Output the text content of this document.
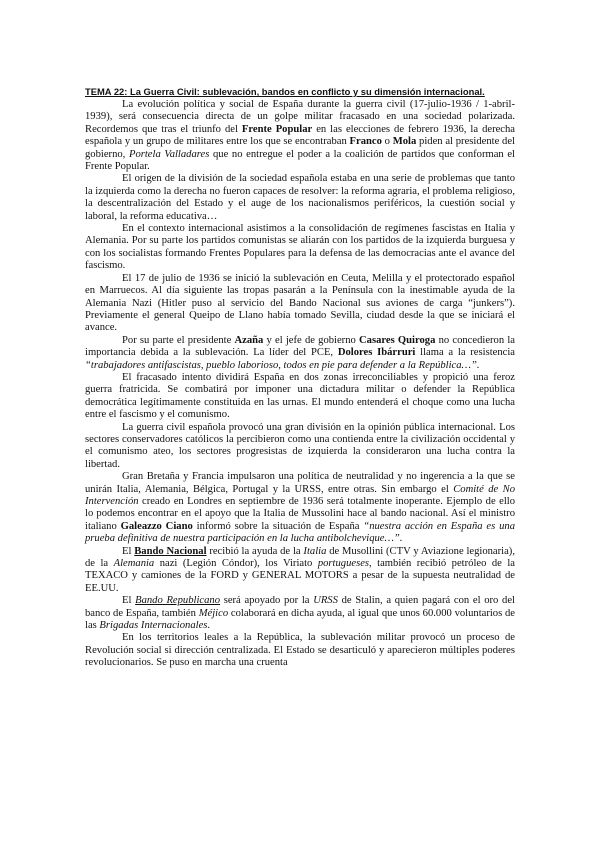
TEMA 22: La Guerra Civil: sublevación, bandos en conflicto y su dimensión internacional.

La evolución política y social de España durante la guerra civil (17-julio-1936 / 1-abril-1939), será consecuencia directa de un golpe militar fracasado en una sociedad polarizada. Recordemos que tras el triunfo del Frente Popular en las elecciones de febrero 1936, la derecha española y un grupo de militares entre los que se encontraban Franco o Mola piden al presidente del gobierno, Portela Valladares que no entregue el poder a la coalición de partidos que conforman el Frente Popular.

El origen de la división de la sociedad española estaba en una serie de problemas que tanto la izquierda como la derecha no fueron capaces de resolver: la reforma agraria, el problema religioso, la descentralización del Estado y el auge de los nacionalismos periféricos, la cuestión social y laboral, la reforma educativa…

En el contexto internacional asistimos a la consolidación de regímenes fascistas en Italia y Alemania. Por su parte los partidos comunistas se aliarán con los partidos de la izquierda burguesa y con los socialistas formando Frentes Populares para la defensa de las democracias ante el avance del fascismo.

El 17 de julio de 1936 se inició la sublevación en Ceuta, Melilla y el protectorado español en Marruecos. Al día siguiente las tropas pasarán a la Península con la inestimable ayuda de la Alemania Nazi (Hitler puso al servicio del Bando Nacional sus aviones de carga “junkers”). Previamente el general Queipo de Llano había tomado Sevilla, ciudad desde la que se iniciará el avance.

Por su parte el presidente Azaña y el jefe de gobierno Casares Quiroga no concedieron la importancia debida a la sublevación. La líder del PCE, Dolores Ibárruri llama a la resistencia “trabajadores antifascistas, pueblo laborioso, todos en pie para defender a la República…”.

El fracasado intento dividirá España en dos zonas irreconciliables y propició una feroz guerra fratricida. Se combatirá por imponer una dictadura militar o defender la República democrática legítimamente constituida en las urnas. El mundo entenderá el choque como una lucha entre el fascismo y el comunismo.

La guerra civil española provocó una gran división en la opinión pública internacional. Los sectores conservadores católicos la percibieron como una contienda entre la civilización occidental y el comunismo ateo, los sectores progresistas de izquierda la consideraron una lucha contra la libertad.

Gran Bretaña y Francia impulsaron una política de neutralidad y no ingerencia a la que se unirán Italia, Alemania, Bélgica, Portugal y la URSS, entre otras. Sin embargo el Comité de No Intervención creado en Londres en septiembre de 1936 será totalmente inoperante. Ejemplo de ello lo podemos encontrar en el apoyo que la Italia de Mussolini hace al bando nacional. Así el ministro italiano Galeazzo Ciano informó sobre la situación de España “nuestra acción en España es una prueba definitiva de nuestra participación en la lucha antibolchevique…”.

El Bando Nacional recibió la ayuda de la Italia de Musollini (CTV y Aviazione legionaria), de la Alemania nazi (Legión Cóndor), los Viriato portugueses, también recibió petróleo de la TEXACO y camiones de la FORD y GENERAL MOTORS a pesar de la supuesta neutralidad de EE.UU.

El Bando Republicano será apoyado por la URSS de Stalin, a quien pagará con el oro del banco de España, también Méjico colaborará en dicha ayuda, al igual que unos 60.000 voluntarios de las Brigadas Internacionales.

En los territorios leales a la República, la sublevación militar provocó un proceso de Revolución social si dirección centralizada. El Estado se desarticuló y aparecieron múltiples poderes revolucionarios. Se puso en marcha una cruenta
